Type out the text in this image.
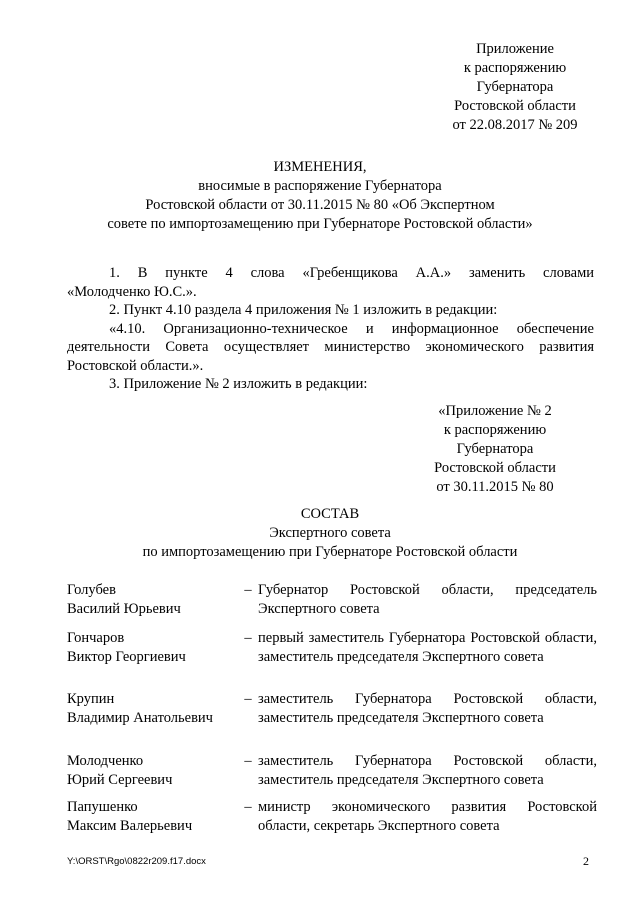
Приложение
к распоряжению
Губернатора
Ростовской области
от 22.08.2017 № 209
ИЗМЕНЕНИЯ,
вносимые в распоряжение Губернатора
Ростовской области от 30.11.2015 № 80 «Об Экспертном
совете по импортозамещению при Губернаторе Ростовской области»

1. В пункте 4 слова «Гребенщикова А.А.» заменить словами

«Молодченко Ю.С.».

2. Пункт 4.10 раздела 4 приложения № 1 изложить в редакции:

«4.10. Организационно-техническое и информационное обеспечение деятельности Совета осуществляет министерство экономического развития Ростовской области.».

3. Приложение № 2 изложить в редакции:

«Приложение № 2
к распоряжению
Губернатора
Ростовской области
от 30.11.2015 № 80
СОСТАВ
Экспертного совета
по импортозамещению при Губернаторе Ростовской области
Голубев
Василий Юрьевич
– Губернатор Ростовской области, председатель Экспертного совета
Гончаров
Виктор Георгиевич
– первый заместитель Губернатора Ростовской области, заместитель председателя Экспертного совета
Крупин
Владимир Анатольевич
– заместитель Губернатора Ростовской области, заместитель председателя Экспертного совета
Молодченко
Юрий Сергеевич
– заместитель Губернатора Ростовской области, заместитель председателя Экспертного совета
Папушенко
Максим Валерьевич
– министр экономического развития Ростовской области, секретарь Экспертного совета
Y:\ORST\Rgo\0822r209.f17.docx	2
